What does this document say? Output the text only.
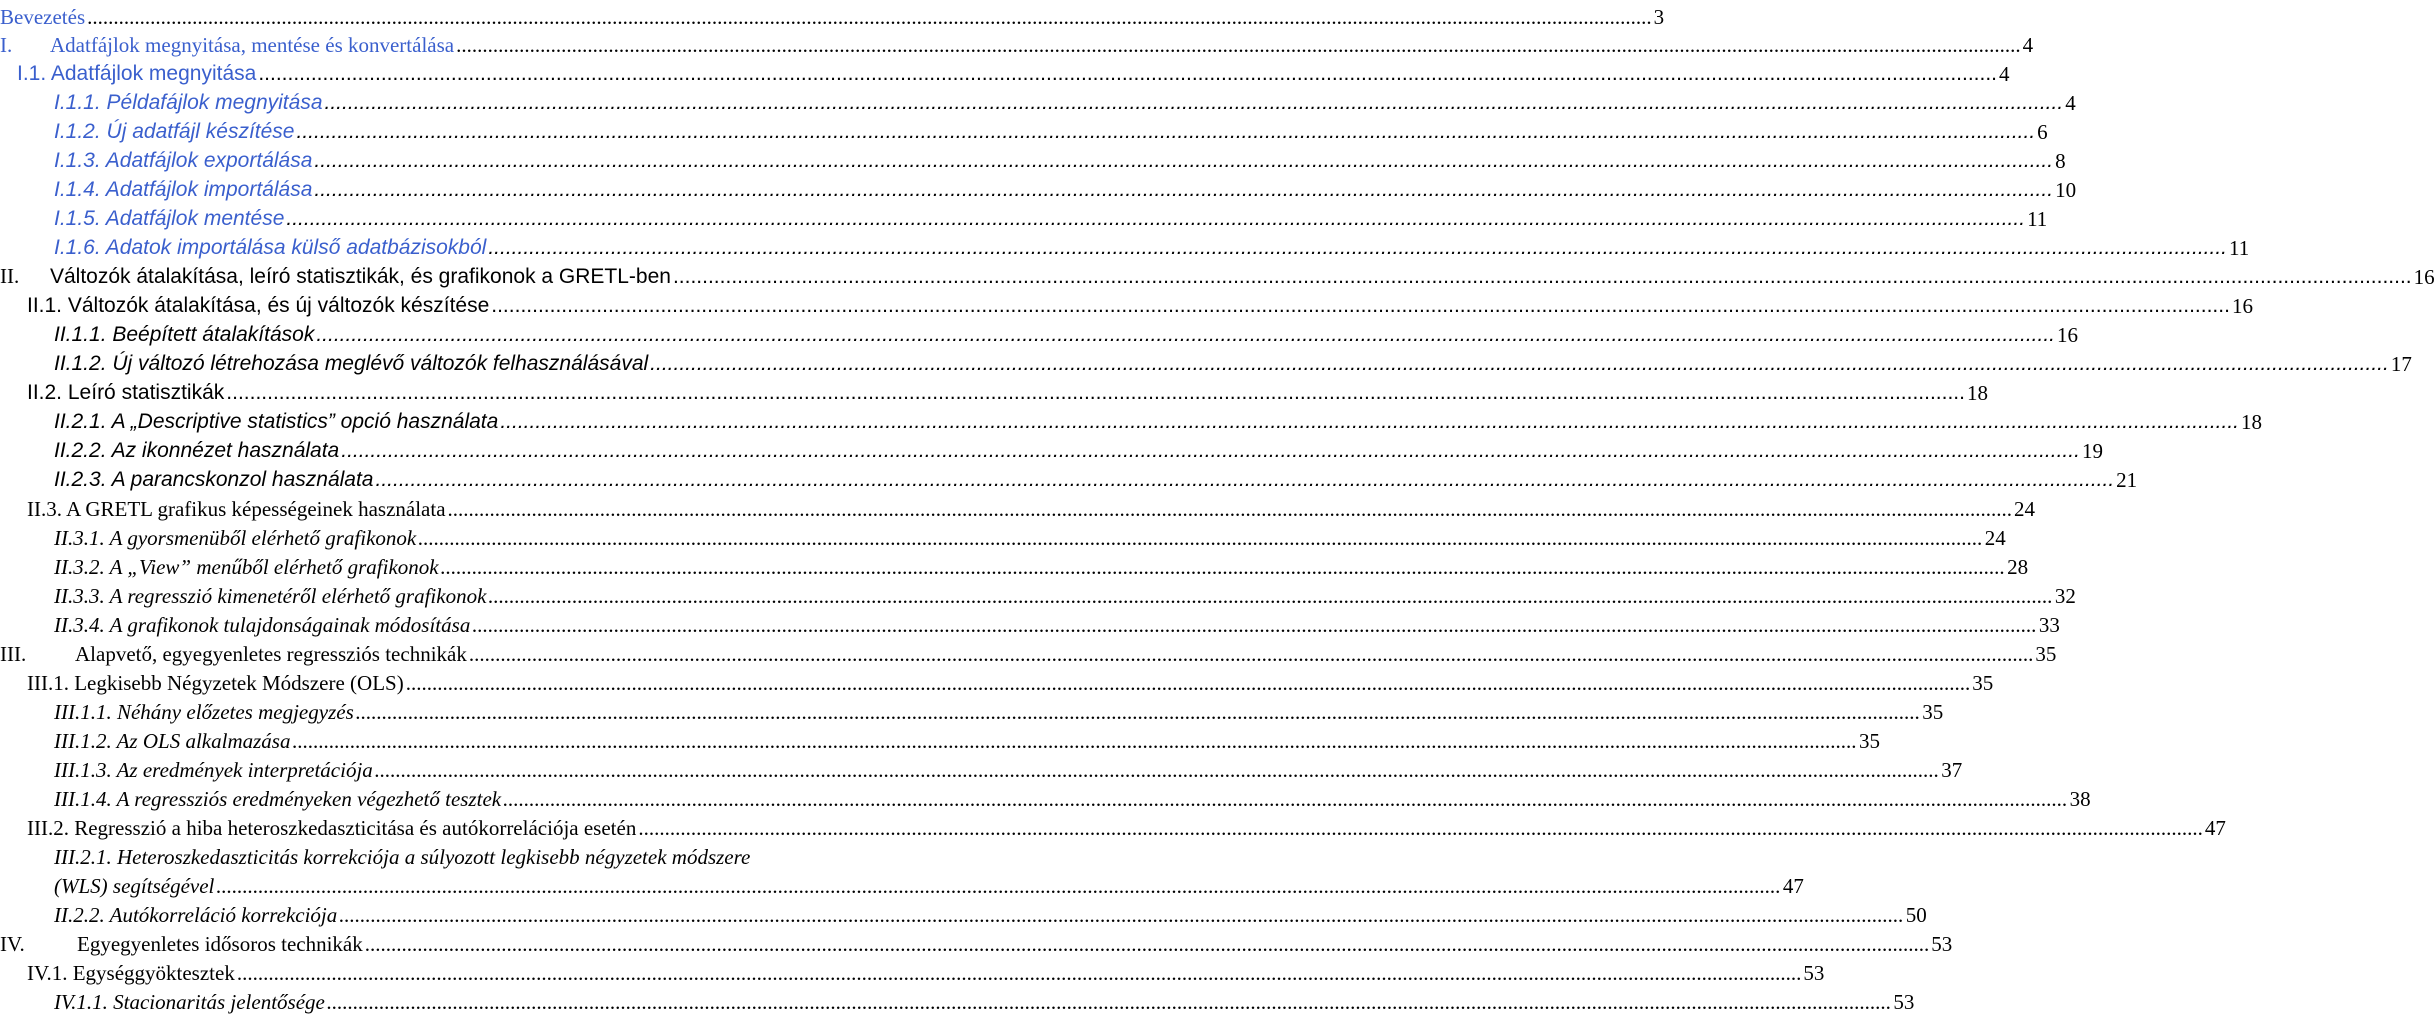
Bevezetés .......................................................................................................................................................................................................................................................................................................... 3
I. Adatfájlok megnyitása, mentése és konvertálása .......................................................................................................................................................................................................................................................................................................... 4
I.1. Adatfájlok megnyitása .......................................................................................................................................................................................................................................................................................................... 4
I.1.1. Példafájlok megnyitása .......................................................................................................................................................................................................................................................................................................... 4
I.1.2. Új adatfájl készítése .......................................................................................................................................................................................................................................................................................................... 6
I.1.3. Adatfájlok exportálása .......................................................................................................................................................................................................................................................................................................... 8
I.1.4. Adatfájlok importálása .......................................................................................................................................................................................................................................................................................................... 10
I.1.5. Adatfájlok mentése .......................................................................................................................................................................................................................................................................................................... 11
I.1.6. Adatok importálása külső adatbázisokból .......................................................................................................................................................................................................................................................................................................... 11
II. Változók átalakítása, leíró statisztikák, és grafikonok a GRETL-ben .......................................................................................................................................................................................................................................................................................................... 16
II.1. Változók átalakítása, és új változók készítése .......................................................................................................................................................................................................................................................................................................... 16
II.1.1. Beépített átalakítások .......................................................................................................................................................................................................................................................................................................... 16
II.1.2. Új változó létrehozása meglévő változók felhasználásával .......................................................................................................................................................................................................................................................................................................... 17
II.2. Leíró statisztikák .......................................................................................................................................................................................................................................................................................................... 18
II.2.1. A „Descriptive statistics” opció használata .......................................................................................................................................................................................................................................................................................................... 18
II.2.2. Az ikonnézet használata .......................................................................................................................................................................................................................................................................................................... 19
II.2.3. A parancskonzol használata .......................................................................................................................................................................................................................................................................................................... 21
II.3. A GRETL grafikus képességeinek használata .......................................................................................................................................................................................................................................................................................................... 24
II.3.1. A gyorsmenüből elérhető grafikonok .......................................................................................................................................................................................................................................................................................................... 24
II.3.2. A „View” menűből elérhető grafikonok .......................................................................................................................................................................................................................................................................................................... 28
II.3.3. A regresszió kimenetéről elérhető grafikonok .......................................................................................................................................................................................................................................................................................................... 32
II.3.4. A grafikonok tulajdonságainak módosítása .......................................................................................................................................................................................................................................................................................................... 33
III. Alapvető, egyegyenletes regressziós technikák .......................................................................................................................................................................................................................................................................................................... 35
III.1. Legkisebb Négyzetek Módszere (OLS) .......................................................................................................................................................................................................................................................................................................... 35
III.1.1. Néhány előzetes megjegyzés .......................................................................................................................................................................................................................................................................................................... 35
III.1.2. Az OLS alkalmazása .......................................................................................................................................................................................................................................................................................................... 35
III.1.3. Az eredmények interpretációja .......................................................................................................................................................................................................................................................................................................... 37
III.1.4. A regressziós eredményeken végezhető tesztek .......................................................................................................................................................................................................................................................................................................... 38
III.2. Regresszió a hiba heteroszkedaszticitása és autókorrelációja esetén .......................................................................................................................................................................................................................................................................................................... 47
III.2.1. Heteroszkedaszticitás korrekciója a súlyozott legkisebb négyzetek módszere
(WLS) segítségével .......................................................................................................................................................................................................................................................................................................... 47
II.2.2. Autókorreláció korrekciója .......................................................................................................................................................................................................................................................................................................... 50
IV. Egyegyenletes idősoros technikák .......................................................................................................................................................................................................................................................................................................... 53
IV.1. Egységgyöktesztek .......................................................................................................................................................................................................................................................................................................... 53
IV.1.1. Stacionaritás jelentősége .......................................................................................................................................................................................................................................................................................................... 53
